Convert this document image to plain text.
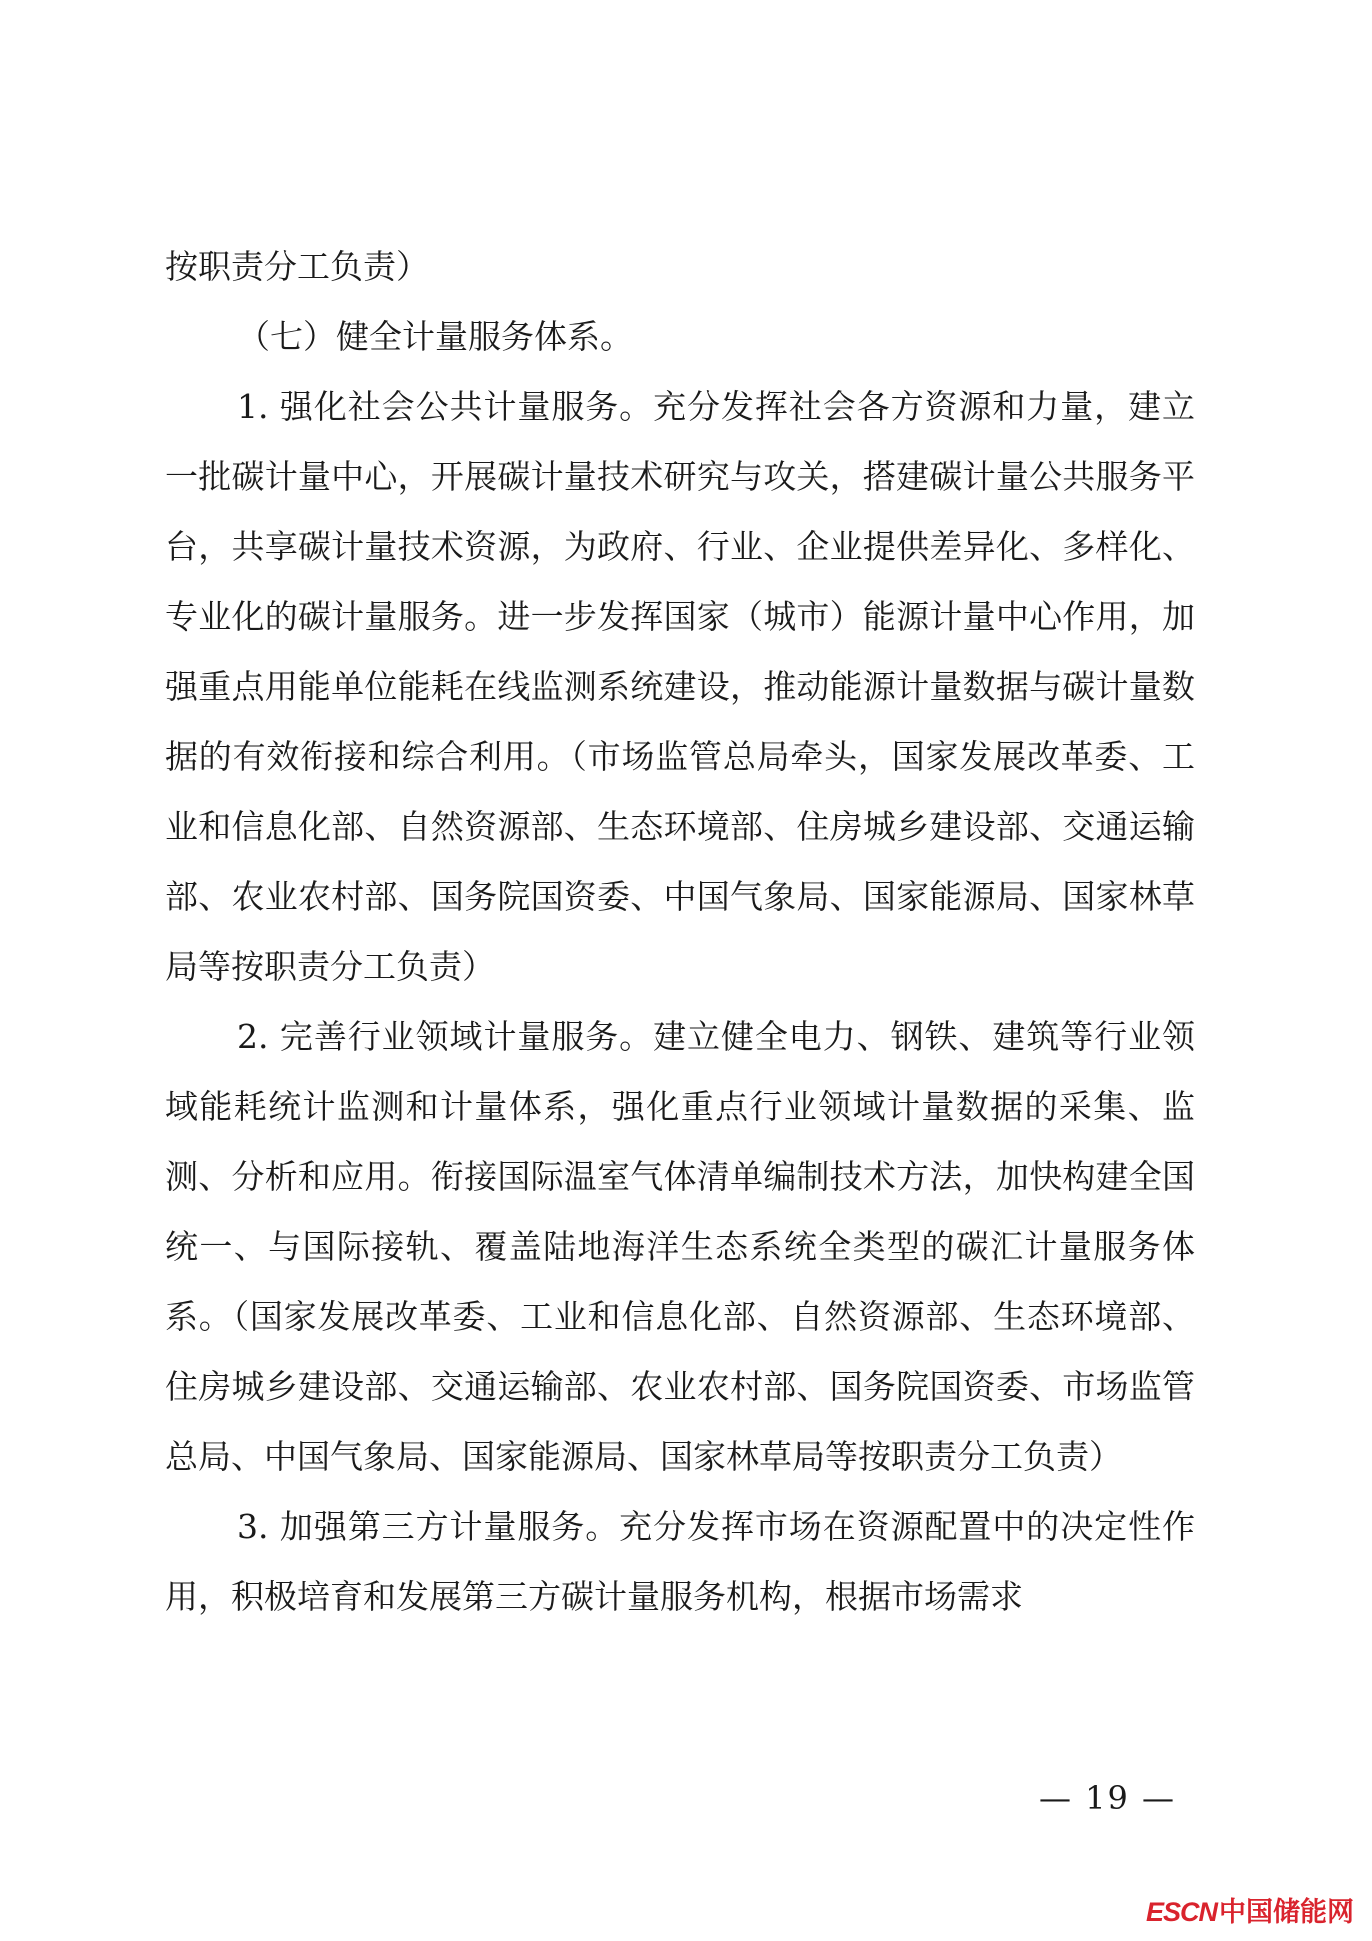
按职责分工负责）

（七）健全计量服务体系。

1. 强化社会公共计量服务。充分发挥社会各方资源和力量，建立一批碳计量中心，开展碳计量技术研究与攻关，搭建碳计量公共服务平台，共享碳计量技术资源，为政府、行业、企业提供差异化、多样化、专业化的碳计量服务。进一步发挥国家（城市）能源计量中心作用，加强重点用能单位能耗在线监测系统建设，推动能源计量数据与碳计量数据的有效衔接和综合利用。（市场监管总局牵头，国家发展改革委、工业和信息化部、自然资源部、生态环境部、住房城乡建设部、交通运输部、农业农村部、国务院国资委、中国气象局、国家能源局、国家林草局等按职责分工负责）

2. 完善行业领域计量服务。建立健全电力、钢铁、建筑等行业领域能耗统计监测和计量体系，强化重点行业领域计量数据的采集、监测、分析和应用。衔接国际温室气体清单编制技术方法，加快构建全国统一、与国际接轨、覆盖陆地海洋生态系统全类型的碳汇计量服务体系。（国家发展改革委、工业和信息化部、自然资源部、生态环境部、住房城乡建设部、交通运输部、农业农村部、国务院国资委、市场监管总局、中国气象局、国家能源局、国家林草局等按职责分工负责）

3. 加强第三方计量服务。充分发挥市场在资源配置中的决定性作用，积极培育和发展第三方碳计量服务机构，根据市场需求

— 19 —
ESCN中国储能网
